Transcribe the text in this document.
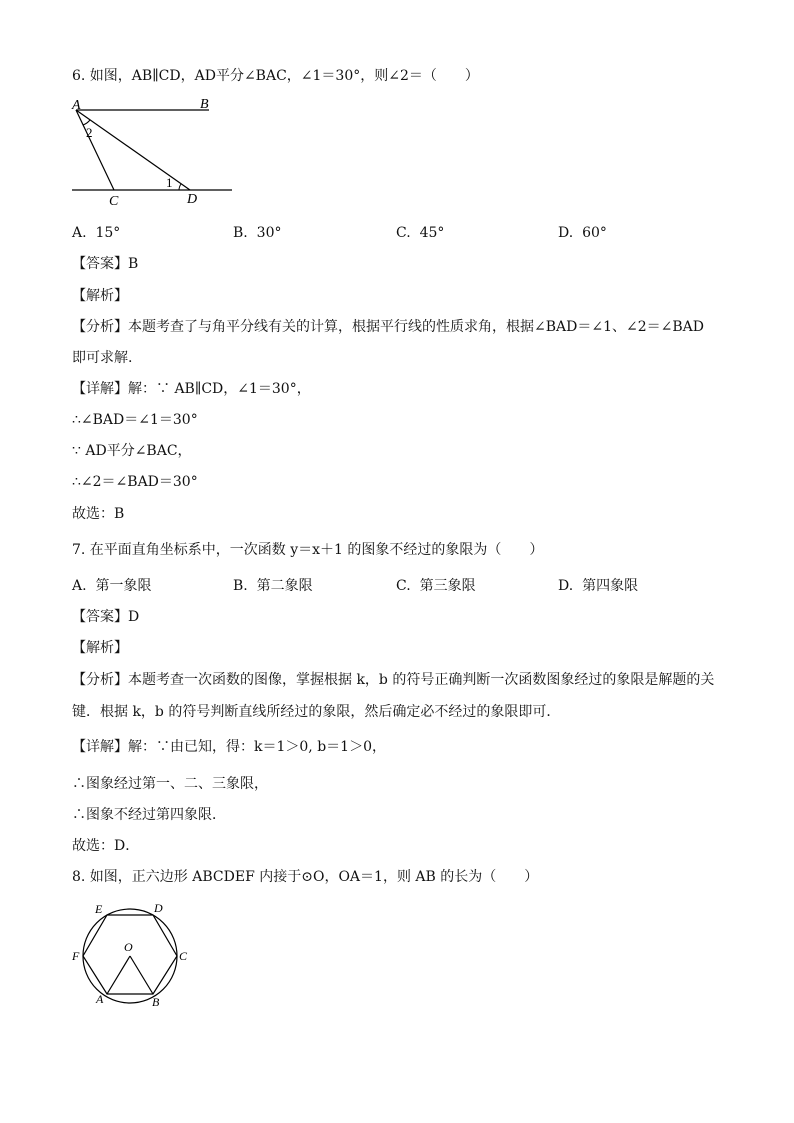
6. 如图，AB∥CD，AD平分∠BAC，∠1＝30°，则∠2＝（　　）
A	B
C	D
1
2
A. 15°	B. 30°	C. 45°	D. 60°
【答案】B
【解析】
【分析】本题考查了与角平分线有关的计算，根据平行线的性质求角，根据∠BAD＝∠1、∠2＝∠BAD
即可求解.
【详解】解：∵ AB∥CD，∠1＝30°，
∴∠BAD＝∠1＝30°
∵ AD平分∠BAC，
∴∠2＝∠BAD＝30°
故选：B
7. 在平面直角坐标系中，一次函数 y＝x＋1 的图象不经过的象限为（　　）
A. 第一象限	B. 第二象限	C. 第三象限	D. 第四象限
【答案】D
【解析】
【分析】本题考查一次函数的图像，掌握根据 k，b 的符号正确判断一次函数图象经过的象限是解题的关
键．根据 k，b 的符号判断直线所经过的象限，然后确定必不经过的象限即可．
【详解】解：∵由已知，得：k＝1＞0, b＝1＞0，
∴图象经过第一、二、三象限，
∴图象不经过第四象限．
故选：D．
8. 如图，正六边形 ABCDEF 内接于⊙O，OA＝1，则 AB 的长为（　　）
O
E	D
F	C
A	B
